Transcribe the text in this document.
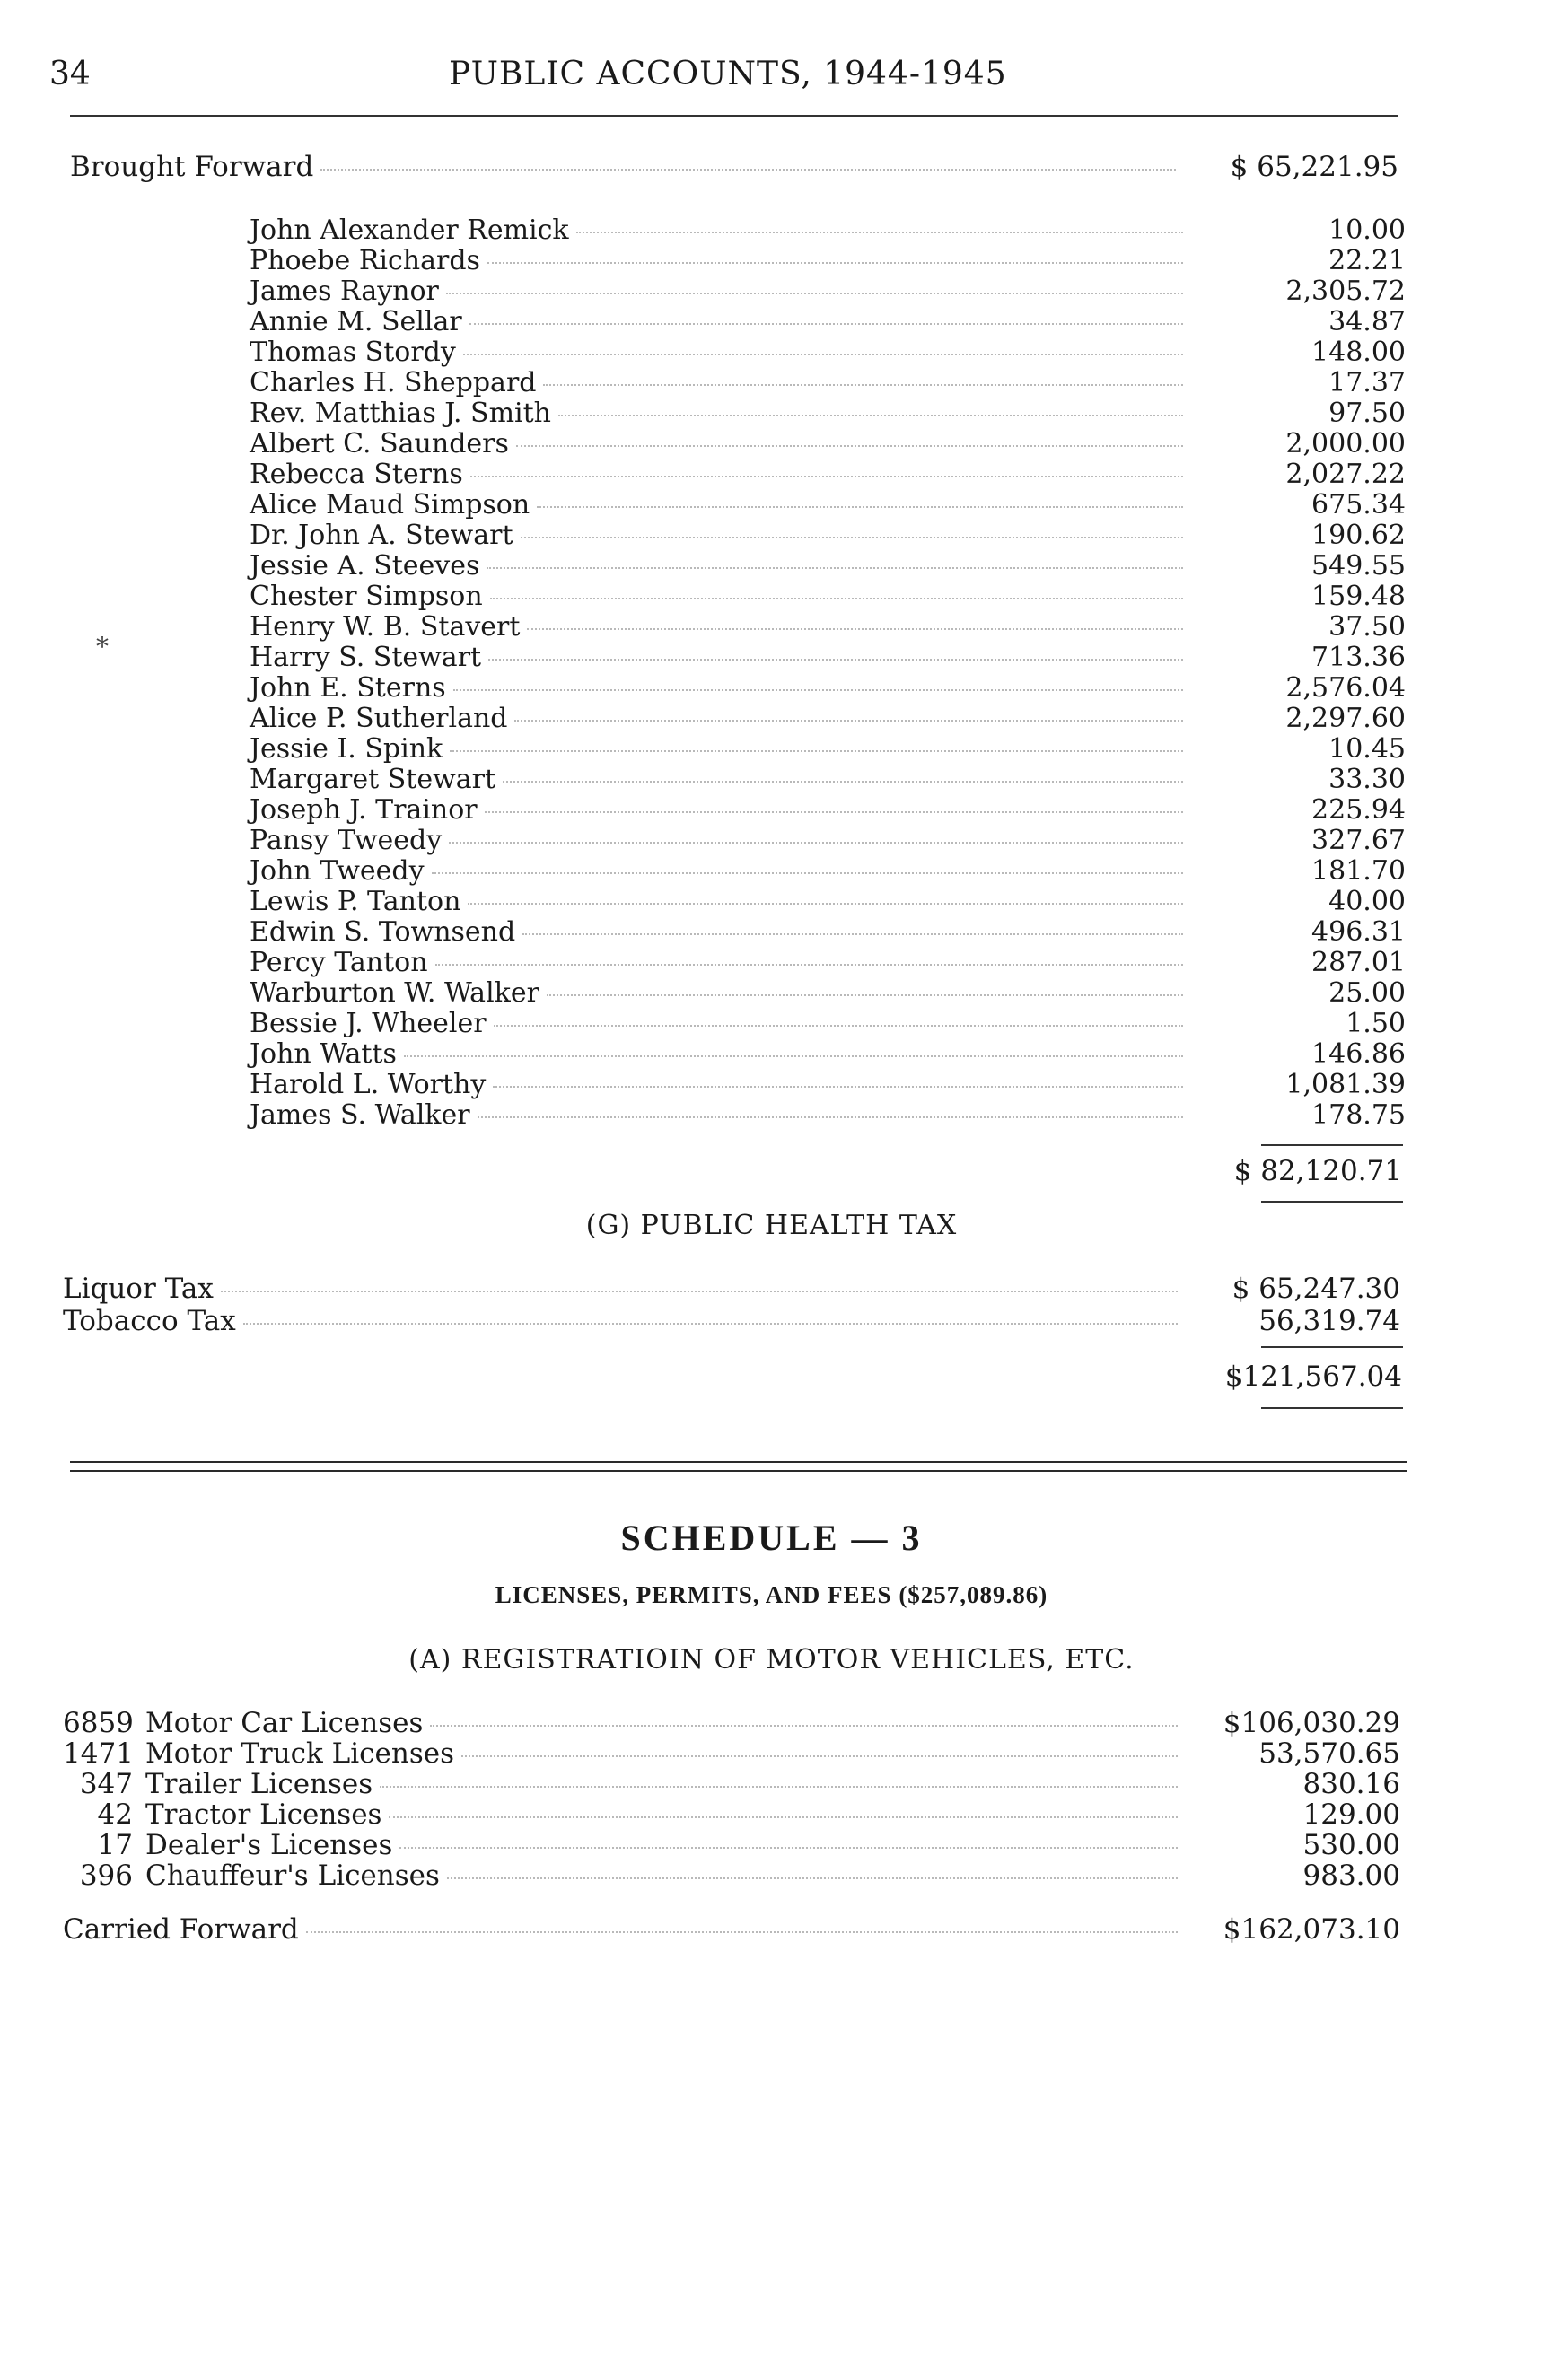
34	PUBLIC ACCOUNTS, 1944-1945
Brought Forward	$ 65,221.95
John Alexander Remick	10.00
Phoebe Richards	22.21
James Raynor	2,305.72
Annie M. Sellar	34.87
Thomas Stordy	148.00
Charles H. Sheppard	17.37
Rev. Matthias J. Smith	97.50
Albert C. Saunders	2,000.00
Rebecca Sterns	2,027.22
Alice Maud Simpson	675.34
Dr. John A. Stewart	190.62
Jessie A. Steeves	549.55
Chester Simpson	159.48
Henry W. B. Stavert	37.50
Harry S. Stewart	713.36
John E. Sterns	2,576.04
Alice P. Sutherland	2,297.60
Jessie I. Spink	10.45
Margaret Stewart	33.30
Joseph J. Trainor	225.94
Pansy Tweedy	327.67
John Tweedy	181.70
Lewis P. Tanton	40.00
Edwin S. Townsend	496.31
Percy Tanton	287.01
Warburton W. Walker	25.00
Bessie J. Wheeler	1.50
John Watts	146.86
Harold L. Worthy	1,081.39
James S. Walker	178.75
*
$ 82,120.71
(G) PUBLIC HEALTH TAX
Liquor Tax	$ 65,247.30
Tobacco Tax	56,319.74
$121,567.04
SCHEDULE — 3
LICENSES, PERMITS, AND FEES ($257,089.86)
(A) REGISTRATIOIN OF MOTOR VEHICLES, ETC.
6859 Motor Car Licenses	$106,030.29
1471 Motor Truck Licenses	53,570.65
347 Trailer Licenses	830.16
42 Tractor Licenses	129.00
17 Dealer's Licenses	530.00
396 Chauffeur's Licenses	983.00
Carried Forward	$162,073.10
